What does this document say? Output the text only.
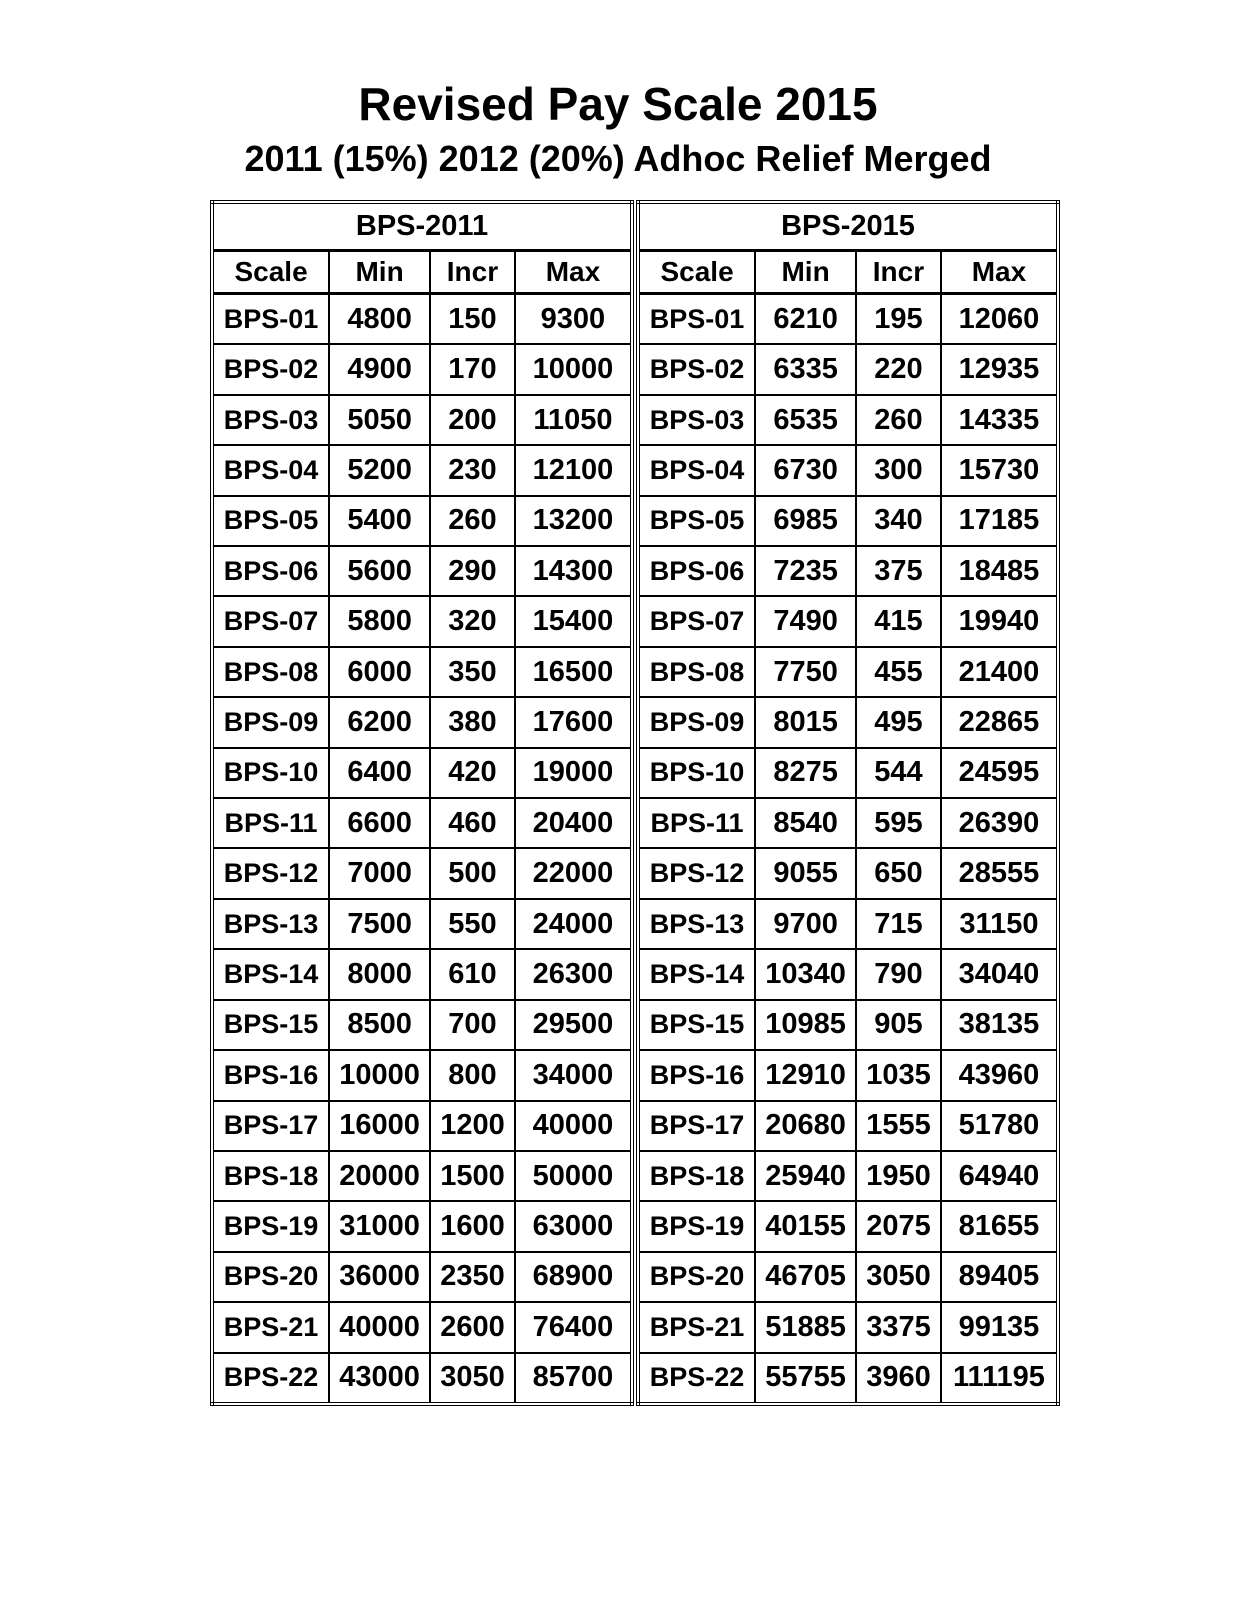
Revised Pay Scale 2015
2011 (15%) 2012 (20%) Adhoc Relief Merged
BPS-2011			
Scale	Min	Incr	Max
BPS-01	4800	150	9300
BPS-02	4900	170	10000
BPS-03	5050	200	11050
BPS-04	5200	230	12100
BPS-05	5400	260	13200
BPS-06	5600	290	14300
BPS-07	5800	320	15400
BPS-08	6000	350	16500
BPS-09	6200	380	17600
BPS-10	6400	420	19000
BPS-11	6600	460	20400
BPS-12	7000	500	22000
BPS-13	7500	550	24000
BPS-14	8000	610	26300
BPS-15	8500	700	29500
BPS-16	10000	800	34000
BPS-17	16000	1200	40000
BPS-18	20000	1500	50000
BPS-19	31000	1600	63000
BPS-20	36000	2350	68900
BPS-21	40000	2600	76400
BPS-22	43000	3050	85700
BPS-2015			
Scale	Min	Incr	Max
BPS-01	6210	195	12060
BPS-02	6335	220	12935
BPS-03	6535	260	14335
BPS-04	6730	300	15730
BPS-05	6985	340	17185
BPS-06	7235	375	18485
BPS-07	7490	415	19940
BPS-08	7750	455	21400
BPS-09	8015	495	22865
BPS-10	8275	544	24595
BPS-11	8540	595	26390
BPS-12	9055	650	28555
BPS-13	9700	715	31150
BPS-14	10340	790	34040
BPS-15	10985	905	38135
BPS-16	12910	1035	43960
BPS-17	20680	1555	51780
BPS-18	25940	1950	64940
BPS-19	40155	2075	81655
BPS-20	46705	3050	89405
BPS-21	51885	3375	99135
BPS-22	55755	3960	111195
